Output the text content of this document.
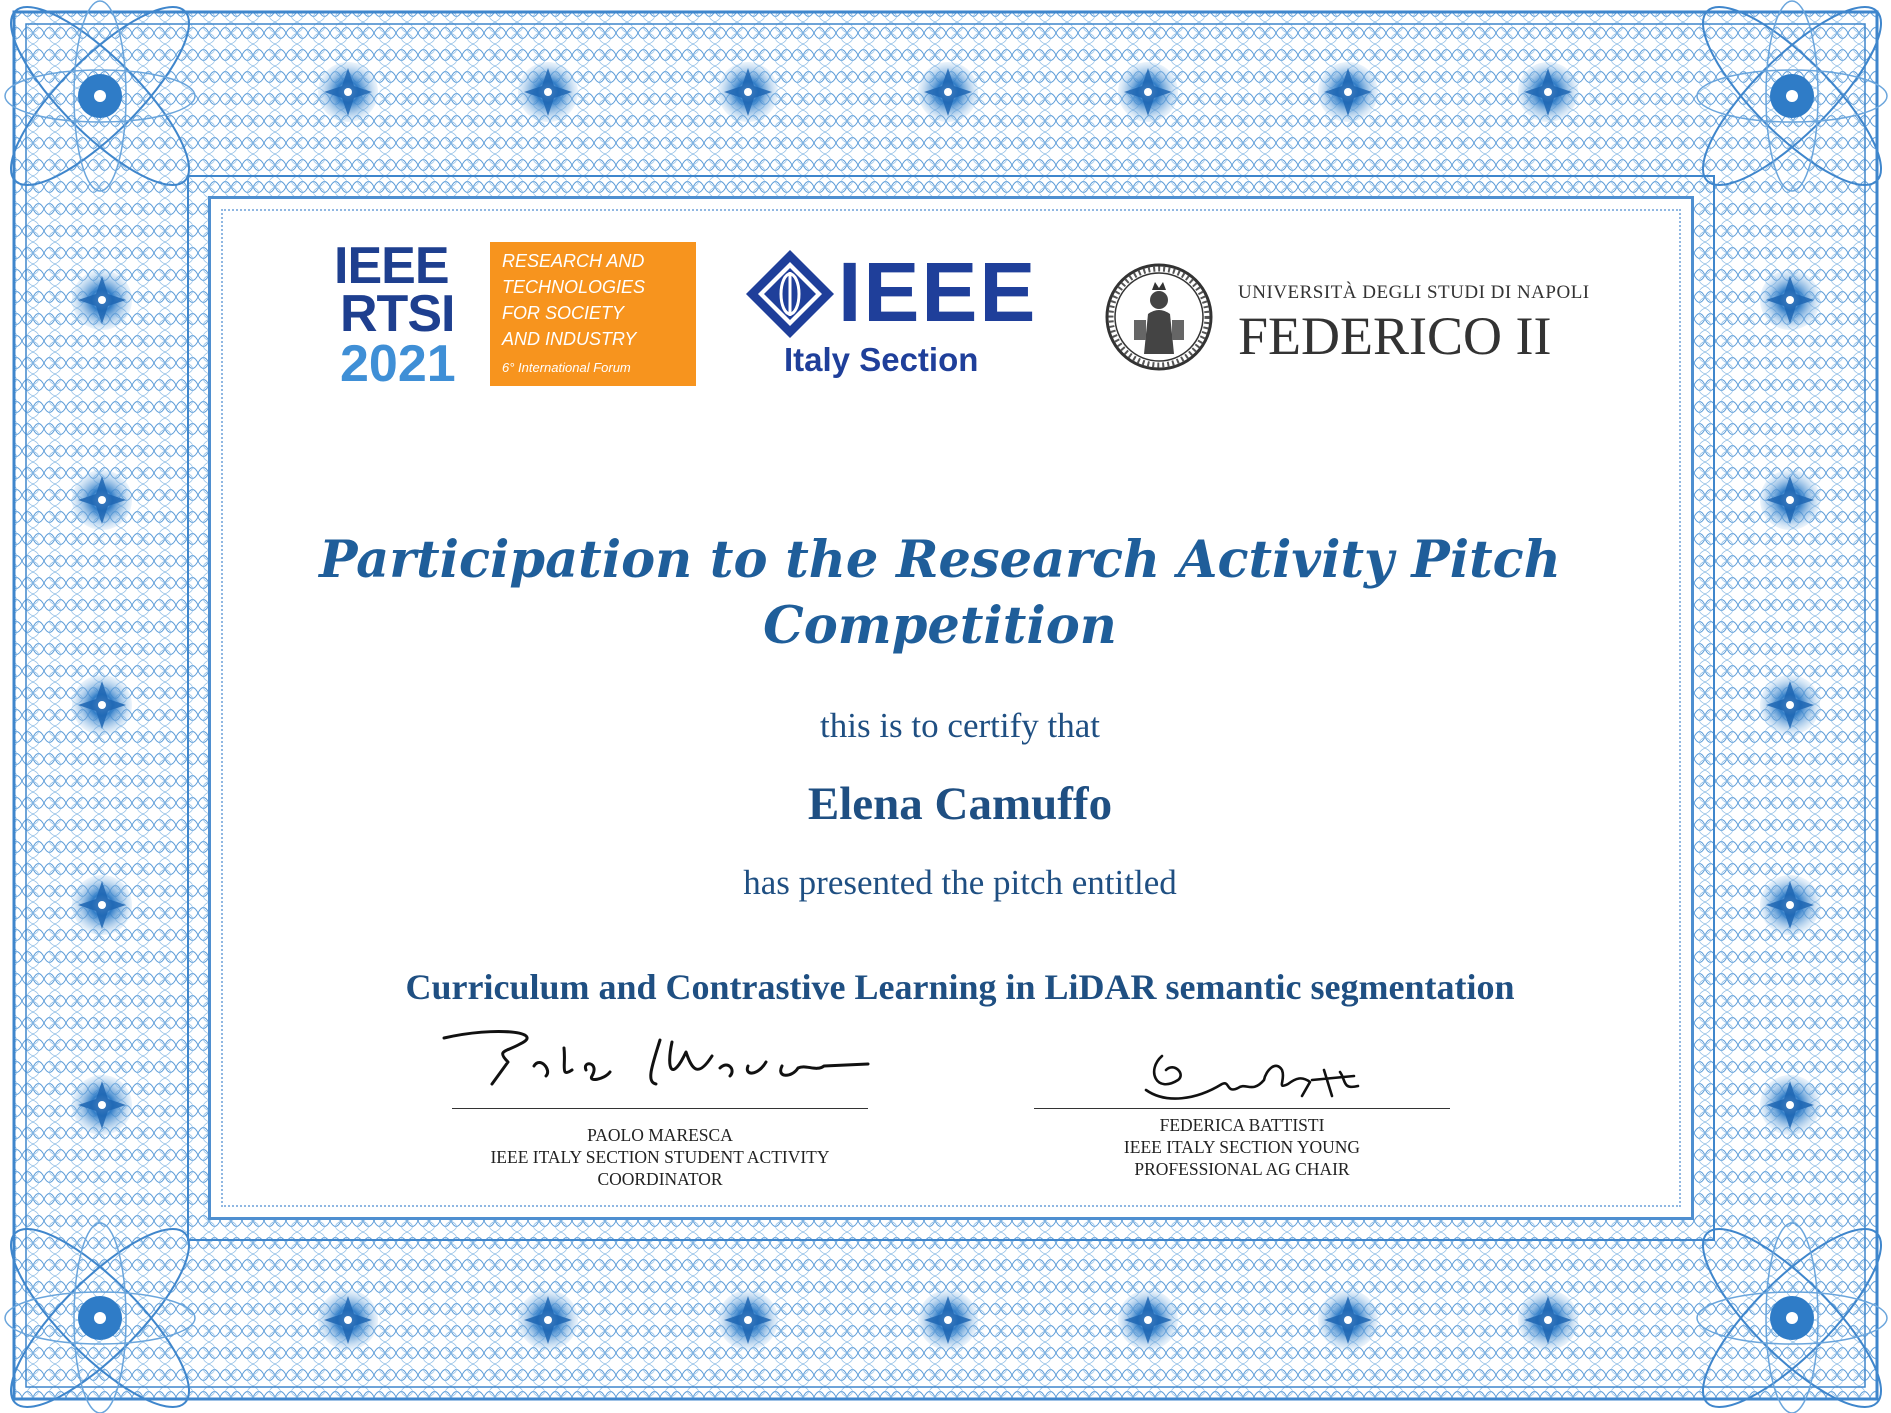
IEEE
RTSI
2021
RESEARCH AND
TECHNOLOGIES
FOR SOCIETY
AND INDUSTRY
6° International Forum
IEEE
Italy Section
UNIVERSITÀ DEGLI STUDI DI NAPOLI
FEDERICO II
Participation to the Research Activity Pitch
Competition
this is to certify that
Elena Camuffo
has presented the pitch entitled
Curriculum and Contrastive Learning in LiDAR semantic segmentation
PAOLO MARESCA
IEEE ITALY SECTION STUDENT ACTIVITY
COORDINATOR
FEDERICA BATTISTI
IEEE ITALY SECTION YOUNG
PROFESSIONAL AG CHAIR
